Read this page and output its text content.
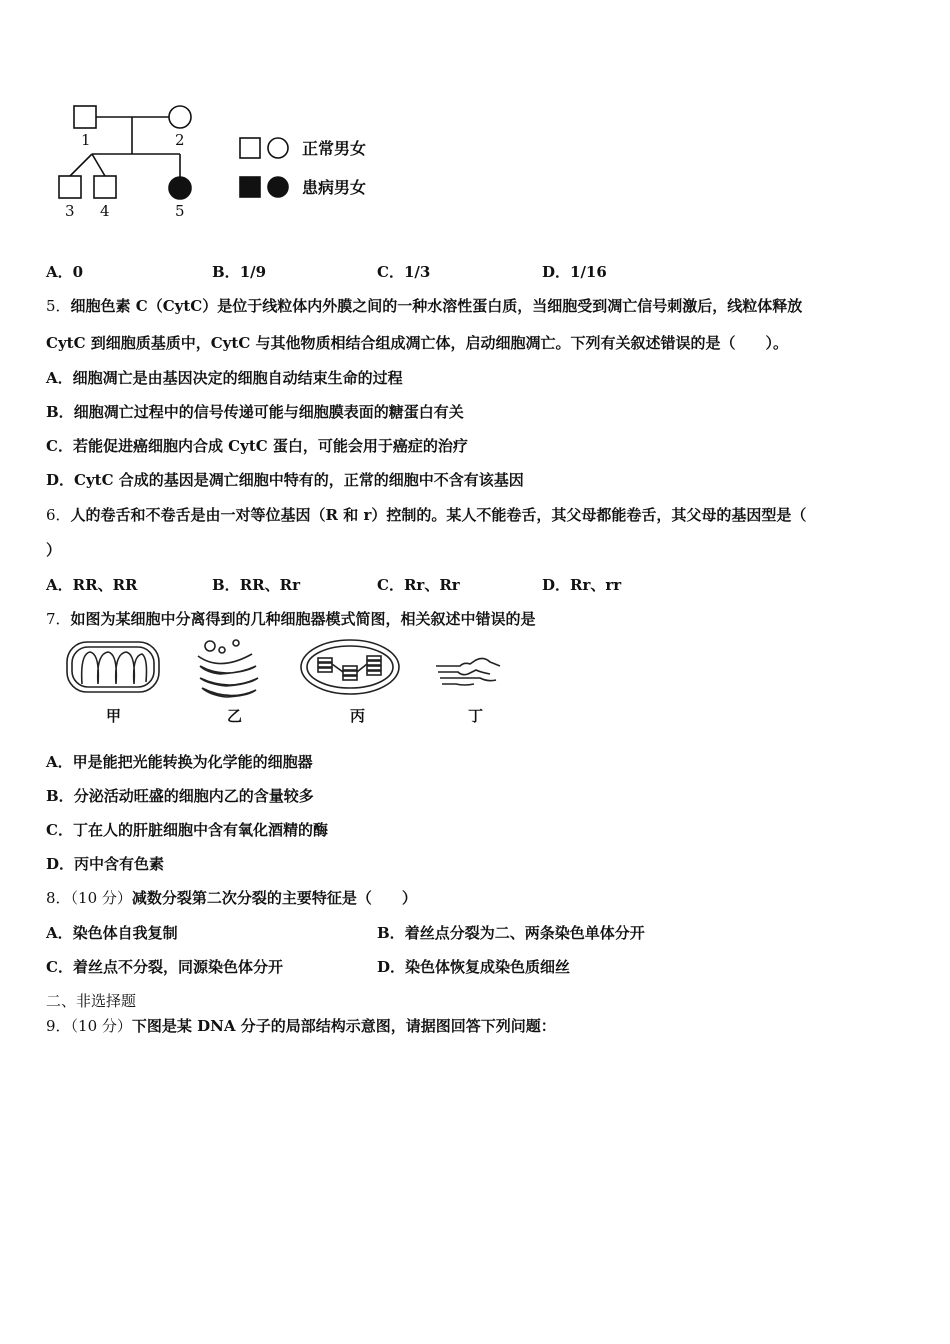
1	2
3 4	5
正常男女
患病男女
A．0	B．1/9	C．1/3	D．1/16
5．细胞色素 C（CytC）是位于线粒体内外膜之间的一种水溶性蛋白质，当细胞受到凋亡信号刺激后，线粒体释放
CytC 到细胞质基质中，CytC 与其他物质相结合组成凋亡体，启动细胞凋亡。下列有关叙述错误的是（　　）。
A．细胞凋亡是由基因决定的细胞自动结束生命的过程
B．细胞凋亡过程中的信号传递可能与细胞膜表面的糖蛋白有关
C．若能促进癌细胞内合成 CytC 蛋白，可能会用于癌症的治疗
D．CytC 合成的基因是凋亡细胞中特有的，正常的细胞中不含有该基因
6．人的卷舌和不卷舌是由一对等位基因（R 和 r）控制的。某人不能卷舌，其父母都能卷舌，其父母的基因型是（
）
A．RR、RR	B．RR、Rr	C．Rr、Rr	D．Rr、rr
7．如图为某细胞中分离得到的几种细胞器模式简图，相关叙述中错误的是
甲	乙	丙	丁
A．甲是能把光能转换为化学能的细胞器
B．分泌活动旺盛的细胞内乙的含量较多
C．丁在人的肝脏细胞中含有氧化酒精的酶
D．丙中含有色素
8．（10 分）减数分裂第二次分裂的主要特征是（　　）
A．染色体自我复制	B．着丝点分裂为二、两条染色单体分开
C．着丝点不分裂，同源染色体分开	D．染色体恢复成染色质细丝
二、非选择题
9．（10 分）下图是某 DNA 分子的局部结构示意图，请据图回答下列问题：
